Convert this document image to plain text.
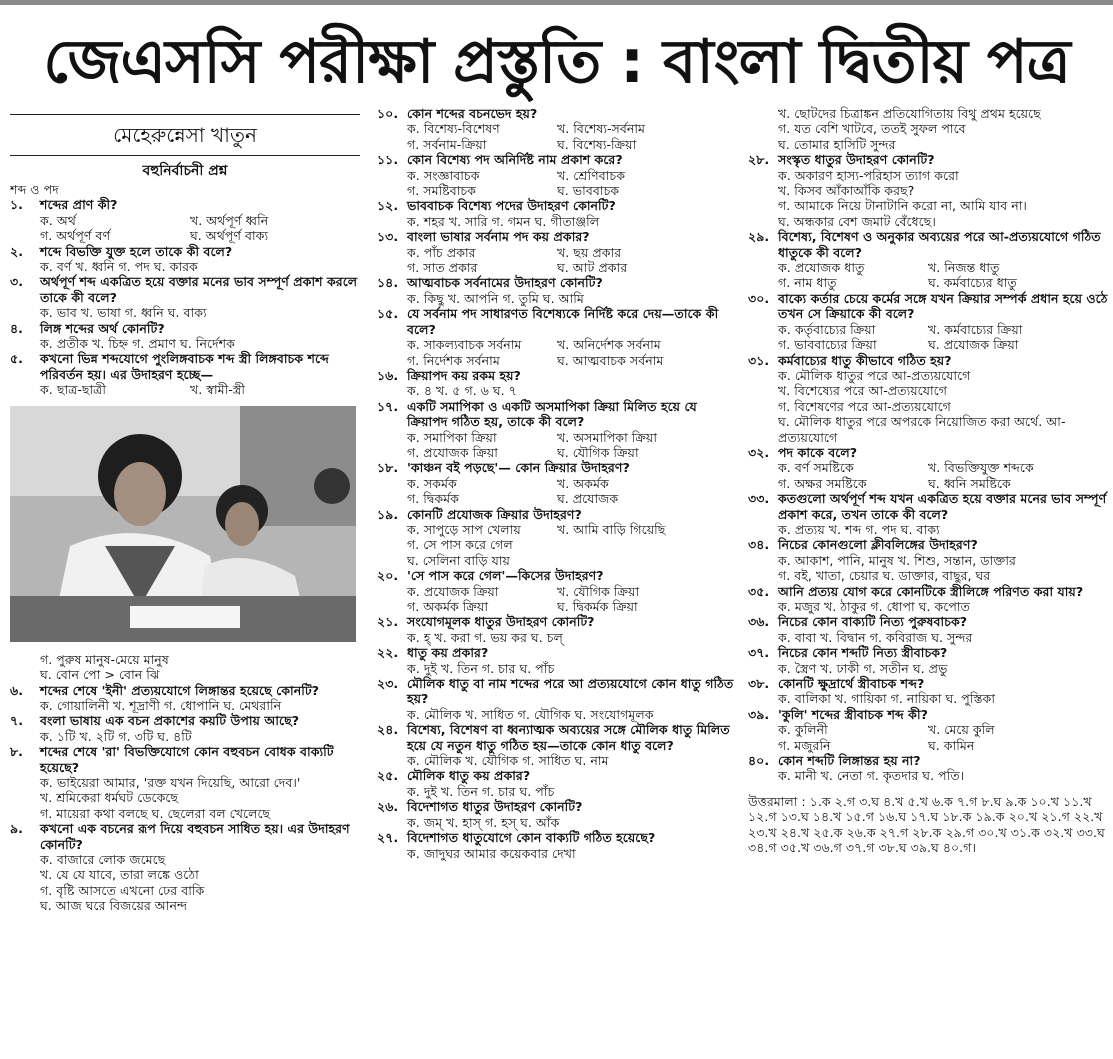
জেএসসি পরীক্ষা প্রস্তুতি : বাংলা দ্বিতীয় পত্র
মেহেরুন্নেসা খাতুন
বহুনির্বাচনী প্রশ্ন
শব্দ ও পদ
১.	শব্দের প্রাণ কী?
ক. অর্থ	খ. অর্থপূর্ণ ধ্বনি
গ. অর্থপূর্ণ বর্ণ	ঘ. অর্থপূর্ণ বাক্য
২.	শব্দে বিভক্তি যুক্ত হলে তাকে কী বলে?
ক. বর্ণ খ. ধ্বনি গ. পদ ঘ. কারক
৩.	অর্থপূর্ণ শব্দ একত্রিত হয়ে বক্তার মনের ভাব সম্পূর্ণ প্রকাশ করলে তাকে কী বলে?
ক. ভাব খ. ভাষা গ. ধ্বনি ঘ. বাক্য
৪.	লিঙ্গ শব্দের অর্থ কোনটি?
ক. প্রতীক খ. চিহ্ন গ. প্রমাণ ঘ. নির্দেশক
৫.	কখনো ভিন্ন শব্দযোগে পুংলিঙ্গবাচক শব্দ স্ত্রী লিঙ্গবাচক শব্দে পরিবর্তন হয়। এর উদাহরণ হচ্ছে—
ক. ছাত্র-ছাত্রী	খ. স্বামী-স্ত্রী
গ. পুরুষ মানুষ-মেয়ে মানুষ
ঘ. বোন পো > বোন ঝি
৬.	শব্দের শেষে 'ইনী' প্রত্যয়যোগে লিঙ্গান্তর হয়েছে কোনটি?
ক. গোয়ালিনী খ. শূদ্রাণী গ. ধোপানি ঘ. মেথরানি
৭.	বংলা ভাষায় এক বচন প্রকাশের কয়টি উপায় আছে?
ক. ১টি খ. ২টি গ. ৩টি ঘ. ৪টি
৮.	শব্দের শেষে 'রা' বিভক্তিযোগে কোন বহুবচন বোধক বাক্যটি হয়েছে?
ক. ভাইয়েরা আমার, 'রক্ত যখন দিয়েছি, আরো দেব।'
খ. শ্রমিকেরা ধর্মঘট ডেকেছে
গ. মায়েরা কথা বলছে ঘ. ছেলেরা বল খেলেছে
৯.	কখনো এক বচনের রূপ দিয়ে বহুবচন সাধিত হয়। এর উদাহরণ কোনটি?
ক. বাজারে লোক জমেছে
খ. যে যে যাবে, তারা লঙ্কে ওঠো
গ. বৃষ্টি আসতে এখনো ঢের বাকি
ঘ. আজ ঘরে বিজয়ের আনন্দ
১০. কোন শব্দের বচনভেদ হয়?
ক. বিশেষ্য-বিশেষণ	খ. বিশেষ্য-সর্বনাম
গ. সর্বনাম-ক্রিয়া	ঘ. বিশেষ্য-ক্রিয়া
১১. কোন বিশেষ্য পদ অনির্দিষ্ট নাম প্রকাশ করে?
ক. সংজ্ঞাবাচক	খ. শ্রেণিবাচক
গ. সমষ্টিবাচক	ঘ. ভাববাচক
১২. ভাববাচক বিশেষ্য পদের উদাহরণ কোনটি?
ক. শহর খ. সারি গ. গমন ঘ. গীতাঞ্জলি
১৩. বাংলা ভাষার সর্বনাম পদ কয় প্রকার?
ক. পাঁচ প্রকার	খ. ছয় প্রকার
গ. সাত প্রকার	ঘ. আট প্রকার
১৪. আত্মবাচক সর্বনামের উদাহরণ কোনটি?
ক. কিছু খ. আপনি গ. তুমি ঘ. আমি
১৫. যে সর্বনাম পদ সাধারণত বিশেষ্যকে নির্দিষ্ট করে দেয়—তাকে কী বলে?
ক. সাকল্যবাচক সর্বনাম	খ. অনির্দেশক সর্বনাম
গ. নির্দেশক সর্বনাম	ঘ. আত্মবাচক সর্বনাম
১৬. ক্রিয়াপদ কয় রকম হয়?
ক. ৪ খ. ৫ গ. ৬ ঘ. ৭
১৭. একটি সমাপিকা ও একটি অসমাপিকা ক্রিয়া মিলিত হয়ে যে ক্রিয়াপদ গঠিত হয়, তাকে কী বলে?
ক. সমাপিকা ক্রিয়া	খ. অসমাপিকা ক্রিয়া
গ. প্রযোজক ক্রিয়া	ঘ. যৌগিক ক্রিয়া
১৮. 'কাঞ্চন বই পড়ছে'— কোন ক্রিয়ার উদাহরণ?
ক. সকর্মক	খ. অকর্মক
গ. দ্বিকর্মক	ঘ. প্রযোজক
১৯. কোনটি প্রযোজক ক্রিয়ার উদাহরণ?
ক. সাপুড়ে সাপ খেলায়	খ. আমি বাড়ি গিয়েছি
গ. সে পাস করে গেল
ঘ. সেলিনা বাড়ি যায়
২০. 'সে পাস করে গেল'—কিসের উদাহরণ?
ক. প্রযোজক ক্রিয়া	খ. যৌগিক ক্রিয়া
গ. অকর্মক ক্রিয়া	ঘ. দ্বিকর্মক ক্রিয়া
২১. সংযোগমূলক ধাতুর উদাহরণ কোনটি?
ক. হ্ খ. করা গ. ভয় কর ঘ. চল্
২২. ধাতু কয় প্রকার?
ক. দুই খ. তিন গ. চার ঘ. পাঁচ
২৩. মৌলিক ধাতু বা নাম শব্দের পরে আ প্রত্যয়যোগে কোন ধাতু গঠিত হয়?
ক. মৌলিক খ. সাধিত গ. যৌগিক ঘ. সংযোগমূলক
২৪. বিশেষ্য, বিশেষণ বা ধ্বন্যাত্মক অব্যয়ের সঙ্গে মৌলিক ধাতু মিলিত হয়ে যে নতুন ধাতু গঠিত হয়—তাকে কোন ধাতু বলে?
ক. মৌলিক খ. যৌগিক গ. সাধিত ঘ. নাম
২৫. মৌলিক ধাতু কয় প্রকার?
ক. দুই খ. তিন গ. চার ঘ. পাঁচ
২৬. বিদেশাগত ধাতুর উদাহরণ কোনটি?
ক. জম্ খ. হাস্ গ. হস্ ঘ. আঁক
২৭. বিদেশাগত ধাতুযোগে কোন বাক্যটি গঠিত হয়েছে?
ক. জাদুঘর আমার কয়েকবার দেখা
খ. ছোটদের চিত্রাঙ্কন প্রতিযোগিতায় বিথু প্রথম হয়েছে
গ. যত বেশি খাটবে, ততই সুফল পাবে
ঘ. তোমার হাসিটি সুন্দর
২৮. সংস্কৃত ধাতুর উদাহরণ কোনটি?
ক. অকারণ হাস্য-পরিহাস ত্যাগ করো
খ. কিসব আঁকাআঁকি করছ?
গ. আমাকে নিয়ে টানাটানি করো না, আমি যাব না।
ঘ. অন্ধকার বেশ জমাট বেঁধেছে।
২৯. বিশেষ্য, বিশেষণ ও অনুকার অব্যয়ের পরে আ-প্রত্যয়যোগে গঠিত ধাতুকে কী বলে?
ক. প্রযোজক ধাতু	খ. নিজন্ত ধাতু
গ. নাম ধাতু	ঘ. কর্মবাচ্যের ধাতু
৩০. বাক্যে কর্তার চেয়ে কর্মের সঙ্গে যখন ক্রিয়ার সম্পর্ক প্রধান হয়ে ওঠে তখন সে ক্রিয়াকে কী বলে?
ক. কর্তৃবাচ্যের ক্রিয়া	খ. কর্মবাচ্যের ক্রিয়া
গ. ভাববাচ্যের ক্রিয়া	ঘ. প্রযোজক ক্রিয়া
৩১. কর্মবাচ্যের ধাতু কীভাবে গঠিত হয়?
ক. মৌলিক ধাতুর পরে আ-প্রত্যয়যোগে
খ. বিশেষ্যের পরে আ-প্রত্যয়যোগে
গ. বিশেষণের পরে আ-প্রত্যয়যোগে
ঘ. মৌলিক ধাতুর পরে অপরকে নিয়োজিত করা অর্থে. আ-প্রত্যয়যোগে
৩২. পদ কাকে বলে?
ক. বর্ণ সমষ্টিকে	খ. বিভক্তিযুক্ত শব্দকে
গ. অক্ষর সমষ্টিকে	ঘ. ধ্বনি সমষ্টিকে
৩৩. কতগুলো অর্থপূর্ণ শব্দ যখন একত্রিত হয়ে বক্তার মনের ভাব সম্পূর্ণ প্রকাশ করে, তখন তাকে কী বলে?
ক. প্রত্যয় খ. শব্দ গ. পদ ঘ. বাক্য
৩৪. নিচের কোনগুলো ক্লীবলিঙ্গের উদাহরণ?
ক. আকাশ, পানি, মানুষ খ. শিশু, সন্তান, ডাক্তার
গ. বই, খাতা, চেয়ার ঘ. ডাক্তার, বাছুর, ঘর
৩৫. আনি প্রত্যয় যোগ করে কোনটিকে স্ত্রীলিঙ্গে পরিণত করা যায়?
ক. মজুর খ. ঠাকুর গ. ধোপা ঘ. কপোত
৩৬. নিচের কোন বাক্যটি নিত্য পুরুষবাচক?
ক. বাবা খ. বিদ্বান গ. কবিরাজ ঘ. সুন্দর
৩৭. নিচের কোন শব্দটি নিত্য স্ত্রীবাচক?
ক. স্ত্রৈণ খ. ঢাকী গ. সতীন ঘ. প্রভু
৩৮. কোনটি ক্ষুদ্রার্থে স্ত্রীবাচক শব্দ?
ক. বালিকা খ. গায়িকা গ. নায়িকা ঘ. পুস্তিকা
৩৯. 'কুলি' শব্দের স্ত্রীবাচক শব্দ কী?
ক. কুলিনী	খ. মেয়ে কুলি
গ. মজুরনি	ঘ. কামিন
৪০. কোন শব্দটি লিঙ্গান্তর হয় না?
ক. মানী খ. নেতা গ. কৃতদার ঘ. পতি।
উত্তরমালা : ১.ক ২.গ ৩.ঘ ৪.খ ৫.খ ৬.ক ৭.গ ৮.ঘ ৯.ক ১০.খ ১১.খ ১২.গ ১৩.ঘ ১৪.খ ১৫.গ ১৬.ঘ ১৭.ঘ ১৮.ক ১৯.ক ২০.খ ২১.গ ২২.খ ২৩.খ ২৪.খ ২৫.ক ২৬.ক ২৭.গ ২৮.ক ২৯.গ ৩০.খ ৩১.ক ৩২.খ ৩৩.ঘ ৩৪.গ ৩৫.খ ৩৬.গ ৩৭.গ ৩৮.ঘ ৩৯.ঘ ৪০.গ।
